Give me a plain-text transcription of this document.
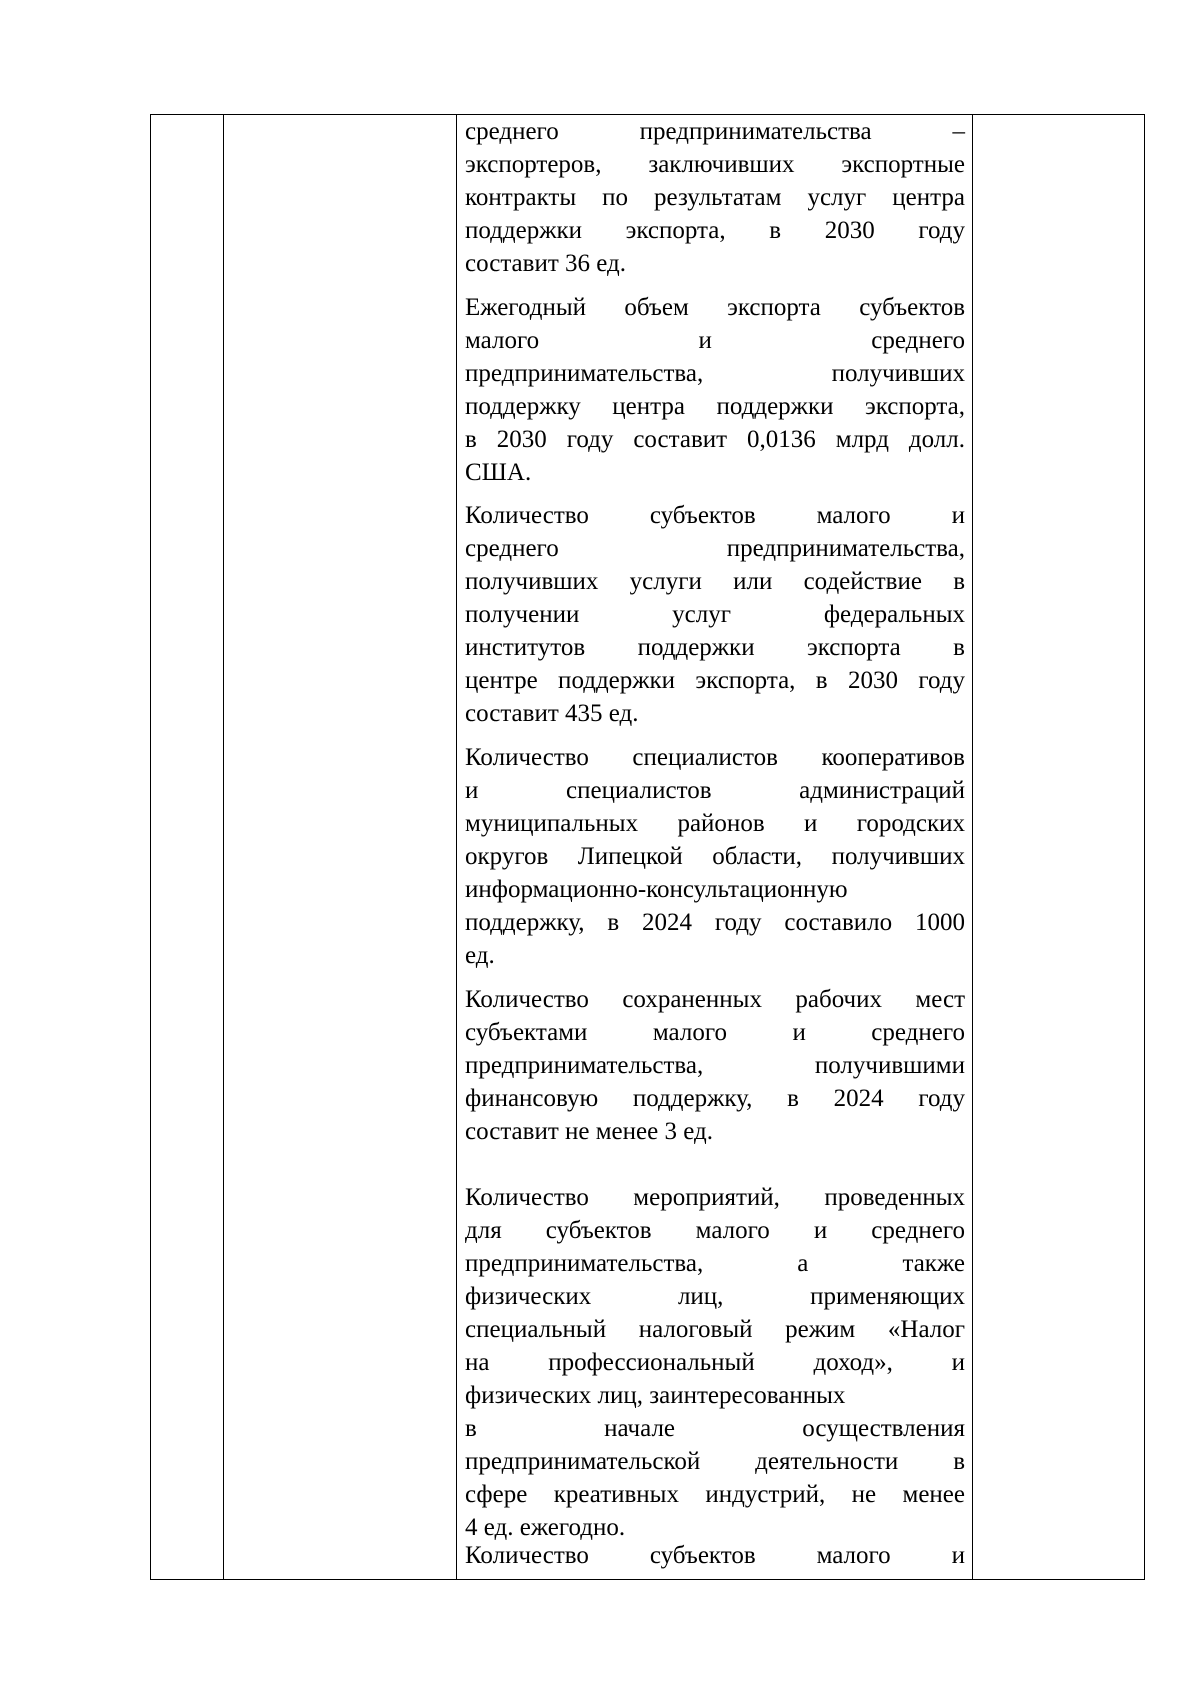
среднего предпринимательства –
экспортеров, заключивших экспортные
контракты по результатам услуг центра
поддержки экспорта, в 2030 году
составит 36 ед.
Ежегодный объем экспорта субъектов
малого и среднего
предпринимательства, получивших
поддержку центра поддержки экспорта,
в 2030 году составит 0,0136 млрд долл.
США.
Количество субъектов малого и
среднего предпринимательства,
получивших услуги или содействие в
получении услуг федеральных
институтов поддержки экспорта в
центре поддержки экспорта, в 2030 году
составит 435 ед.
Количество специалистов кооперативов
и специалистов администраций
муниципальных районов и городских
округов Липецкой области, получивших
информационно-консультационную
поддержку, в 2024 году составило 1000
ед.
Количество сохраненных рабочих мест
субъектами малого и среднего
предпринимательства, получившими
финансовую поддержку, в 2024 году
составит не менее 3 ед.
Количество мероприятий, проведенных
для субъектов малого и среднего
предпринимательства, а также
физических лиц, применяющих
специальный налоговый режим «Налог
на профессиональный доход», и
физических лиц, заинтересованных
в начале осуществления
предпринимательской деятельности в
сфере креативных индустрий, не менее
4 ед. ежегодно.
Количество субъектов малого и
